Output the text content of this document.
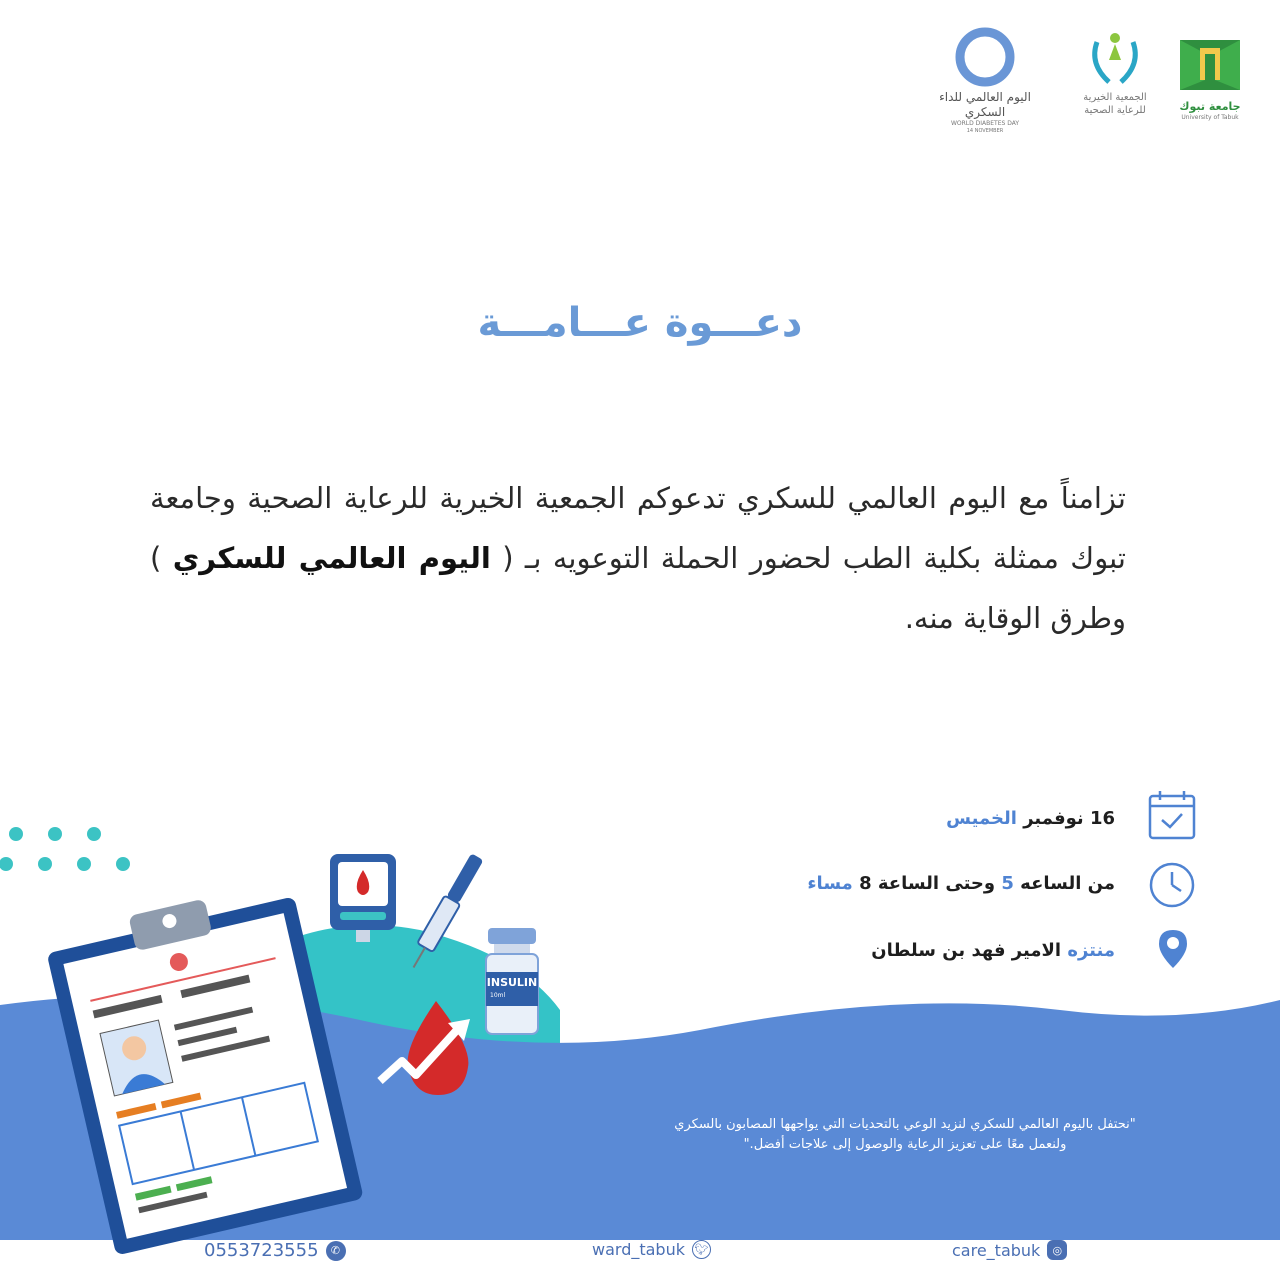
جامعة تبوك
University of Tabuk
الجمعية الخيرية
للرعاية الصحية
اليوم العالمي للداء السكري
WORLD DIABETES DAY
14 NOVEMBER
دعـــوة عـــامـــة
تزامناً مع اليوم العالمي للسكري تدعوكم الجمعية الخيرية للرعاية الصحية وجامعة تبوك ممثلة بكلية الطب لحضور الحملة التوعويه بـ ( اليوم العالمي للسكري ) وطرق الوقاية منه.
INSULIN
10ml
16 نوفمبر الخميس
من الساعه 5 وحتى الساعة 8 مساء
منتزه الامير فهد بن سلطان
"نحتفل باليوم العالمي للسكري لنزيد الوعي بالتحديات التي يواجهها المصابون بالسكري
ولنعمل معًا على تعزيز الرعاية والوصول إلى علاجات أفضل."
0553723555	✆	ward_tabuk 🐦︎	care_tabuk	◎
